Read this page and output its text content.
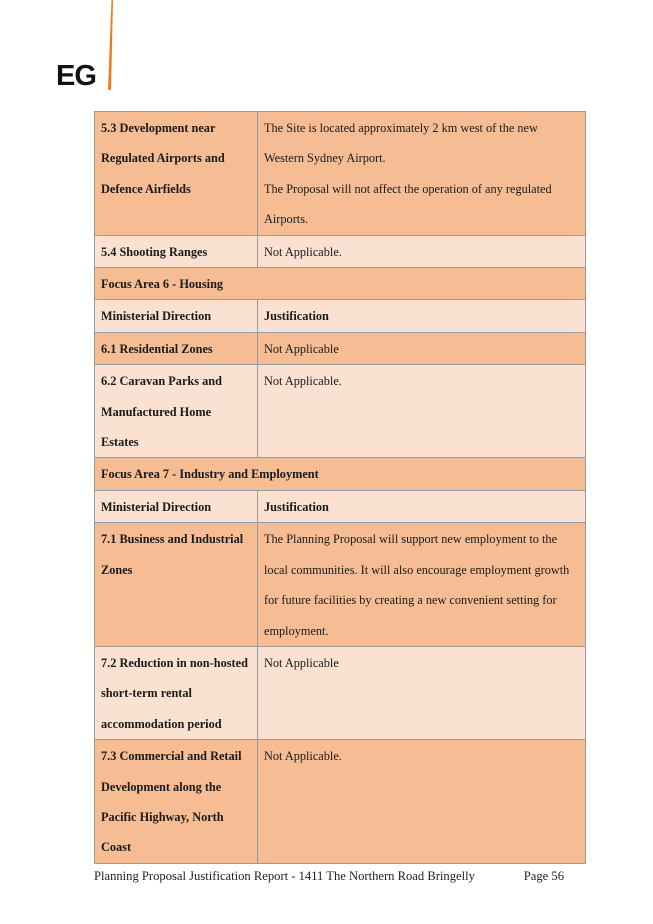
EG
5.3 Development near Regulated Airports and Defence Airfields	The Site is located approximately 2 km west of the new Western Sydney Airport.
The Proposal will not affect the operation of any regulated Airports.

5.4 Shooting Ranges	Not Applicable.

Focus Area 6 - Housing	
Ministerial Direction	Justification

6.1 Residential Zones	Not Applicable

6.2 Caravan Parks and Manufactured Home Estates	Not Applicable.

Focus Area 7 - Industry and Employment	
Ministerial Direction	Justification

7.1 Business and Industrial Zones	The Planning Proposal will support new employment to the local communities. It will also encourage employment growth for future facilities by creating a new convenient setting for employment.

7.2 Reduction in non-hosted short-term rental accommodation period	Not Applicable

7.3 Commercial and Retail Development along the Pacific Highway, North Coast	Not Applicable.
Planning Proposal Justification Report - 1411 The Northern Road Bringelly	Page 56
